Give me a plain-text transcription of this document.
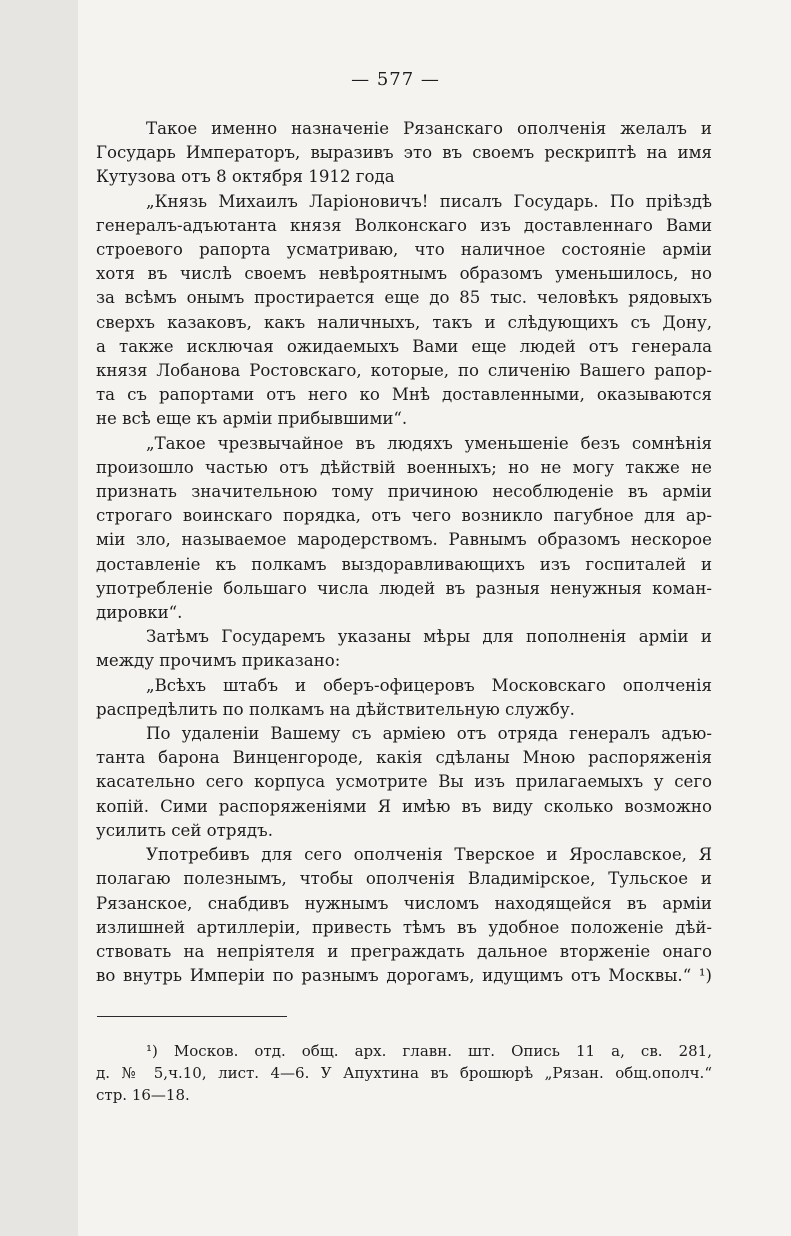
— 577 —
Такое именно назначеніе Рязанскаго ополченія желалъ и
Государь Императоръ, выразивъ это въ своемъ рескриптѣ на имя
Кутузова отъ 8 октября 1912 года
„Князь Михаилъ Ларіоновичъ! писалъ Государь. По пріѣздѣ
генералъ-адъютанта князя Волконскаго изъ доставленнаго Вами
строевого рапорта усматриваю, что наличное состояніе арміи
хотя въ числѣ своемъ невѣроятнымъ образомъ уменьшилось, но
за всѣмъ онымъ простирается еще до 85 тыс. человѣкъ рядовыхъ
сверхъ казаковъ, какъ наличныхъ, такъ и слѣдующихъ съ Дону,
а также исключая ожидаемыхъ Вами еще людей отъ генерала
князя Лобанова Ростовскаго, которые, по сличенію Вашего рапор-
та съ рапортами отъ него ко Мнѣ доставленными, оказываются
не всѣ еще къ арміи прибывшими“.
„Такое чрезвычайное въ людяхъ уменьшеніе безъ сомнѣнія
произошло частью отъ дѣйствій военныхъ; но не могу также не
признать значительною тому причиною несоблюденіе въ арміи
строгаго воинскаго порядка, отъ чего возникло пагубное для ар-
міи зло, называемое мародерствомъ. Равнымъ образомъ нескорое
доставленіе къ полкамъ выздоравливающихъ изъ госпиталей и
употребленіе большаго числа людей въ разныя ненужныя коман-
дировки“.
Затѣмъ Государемъ указаны мѣры для пополненія арміи и
между прочимъ приказано:
„Всѣхъ штабъ и оберъ-офицеровъ Московскаго ополченія
распредѣлить по полкамъ на дѣйствительную службу.
По удаленіи Вашему съ арміею отъ отряда генералъ адъю-
танта барона Винценгороде, какія сдѣланы Мною распоряженія
касательно сего корпуса усмотрите Вы изъ прилагаемыхъ у сего
копій. Сими распоряженіями Я имѣю въ виду сколько возможно
усилить сей отрядъ.
Употребивъ для сего ополченія Тверское и Ярославское, Я
полагаю полезнымъ, чтобы ополченія Владимірское, Тульское и
Рязанское, снабдивъ нужнымъ числомъ находящейся въ арміи
излишней артиллеріи, привесть тѣмъ въ удобное положеніе дѣй-
ствовать на непріятеля и преграждать дальное вторженіе онаго
во внутрь Имперіи по разнымъ дорогамъ, идущимъ отъ Москвы.“ ¹)
¹) Москов. отд. общ. арх. главн. шт. Опись 11 а, св. 281,
д. № 5,ч.10, лист. 4—6. У Апухтина въ брошюрѣ „Рязан. общ.ополч.“
стр. 16—18.
